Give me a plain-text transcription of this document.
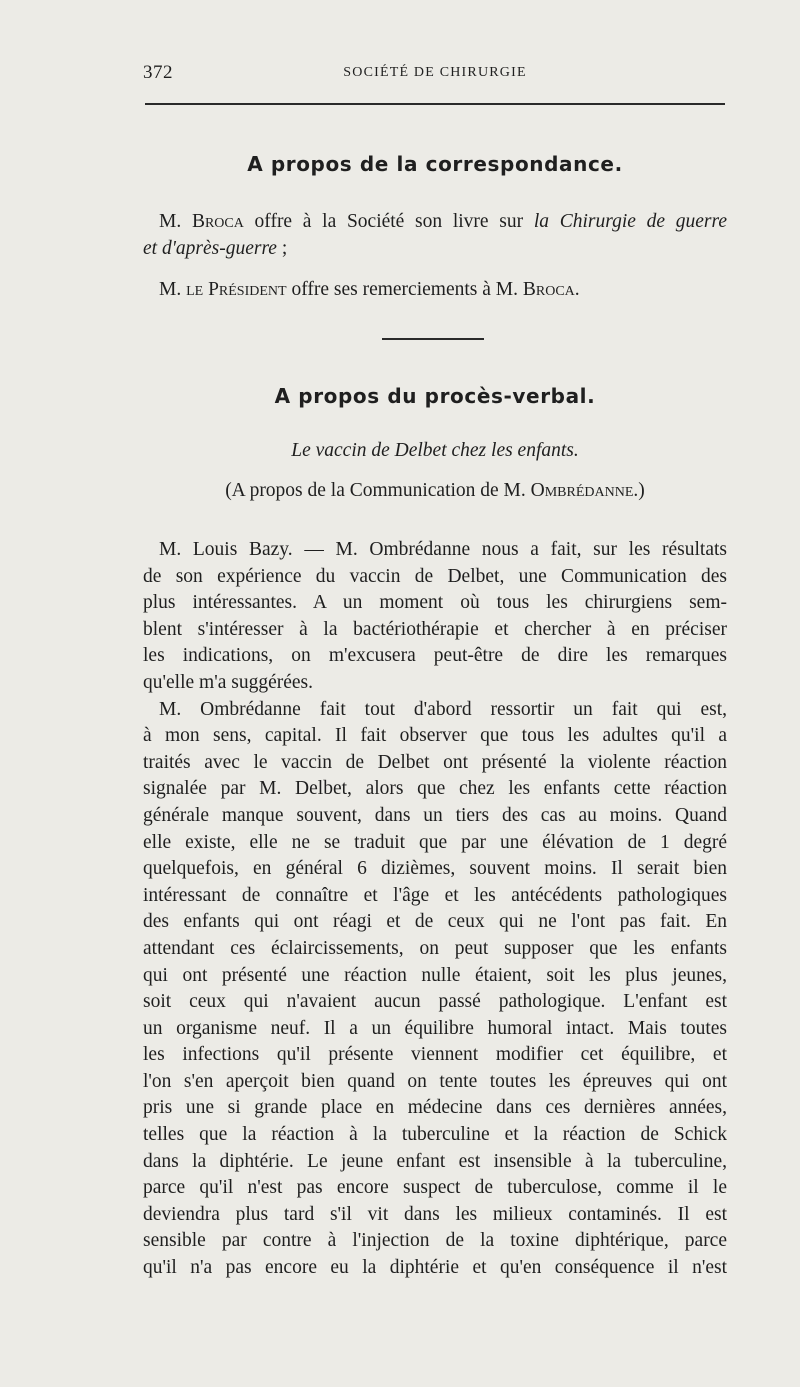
372	SOCIÉTÉ DE CHIRURGIE
A propos de la correspondance.
M. Broca offre à la Société son livre sur la Chirurgie de guerre
et d'après-guerre ;
M. le Président offre ses remerciements à M. Broca.
A propos du procès-verbal.
Le vaccin de Delbet chez les enfants.
(A propos de la Communication de M. Ombrédanne.)
M. Louis Bazy. — M. Ombrédanne nous a fait, sur les résultats
de son expérience du vaccin de Delbet, une Communication des
plus intéressantes. A un moment où tous les chirurgiens sem-
blent s'intéresser à la bactériothérapie et chercher à en préciser
les indications, on m'excusera peut-être de dire les remarques
qu'elle m'a suggérées.
M. Ombrédanne fait tout d'abord ressortir un fait qui est,
à mon sens, capital. Il fait observer que tous les adultes qu'il a
traités avec le vaccin de Delbet ont présenté la violente réaction
signalée par M. Delbet, alors que chez les enfants cette réaction
générale manque souvent, dans un tiers des cas au moins. Quand
elle existe, elle ne se traduit que par une élévation de 1 degré
quelquefois, en général 6 dizièmes, souvent moins. Il serait bien
intéressant de connaître et l'âge et les antécédents pathologiques
des enfants qui ont réagi et de ceux qui ne l'ont pas fait. En
attendant ces éclaircissements, on peut supposer que les enfants
qui ont présenté une réaction nulle étaient, soit les plus jeunes,
soit ceux qui n'avaient aucun passé pathologique. L'enfant est
un organisme neuf. Il a un équilibre humoral intact. Mais toutes
les infections qu'il présente viennent modifier cet équilibre, et
l'on s'en aperçoit bien quand on tente toutes les épreuves qui ont
pris une si grande place en médecine dans ces dernières années,
telles que la réaction à la tuberculine et la réaction de Schick
dans la diphtérie. Le jeune enfant est insensible à la tuberculine,
parce qu'il n'est pas encore suspect de tuberculose, comme il le
deviendra plus tard s'il vit dans les milieux contaminés. Il est
sensible par contre à l'injection de la toxine diphtérique, parce
qu'il n'a pas encore eu la diphtérie et qu'en conséquence il n'est
